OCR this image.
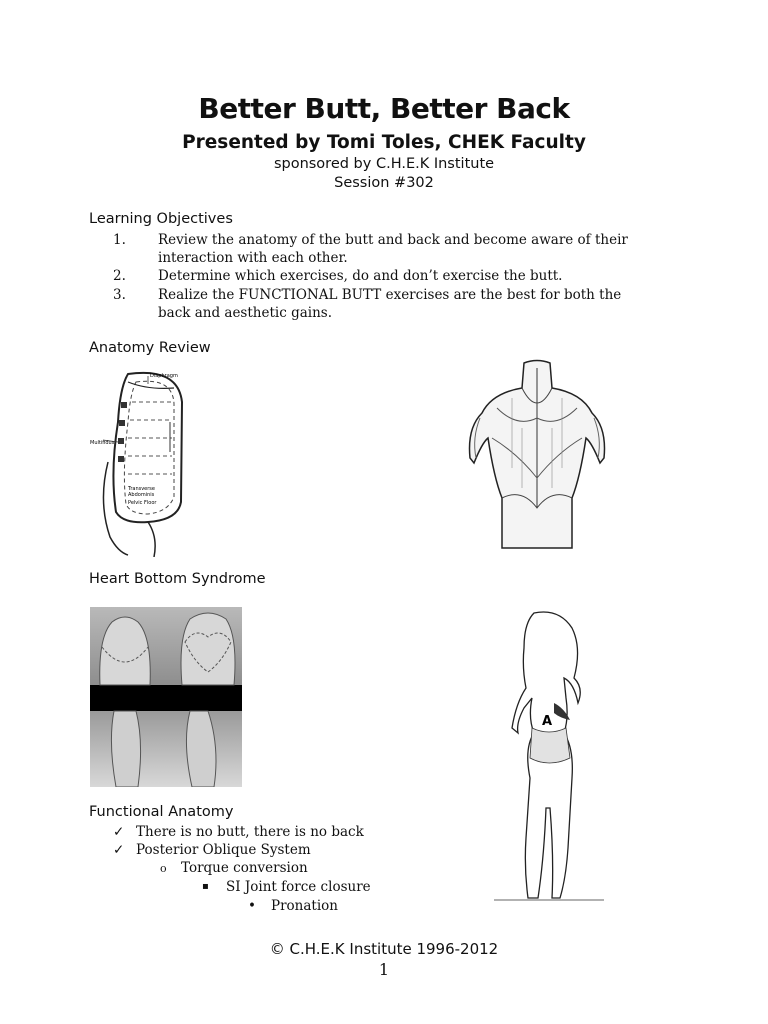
Better Butt, Better Back
Presented by Tomi Toles, CHEK Faculty
sponsored by C.H.E.K Institute
Session #302
Learning Objectives
1. Review the anatomy of the butt and back and become aware of their
interaction with each other.
2. Determine which exercises, do and don’t exercise the butt.
3. Realize the FUNCTIONAL BUTT exercises are the best for both the
back and aesthetic gains.
Anatomy Review
Diaphragm
Multifidus
Transverse
Abdominis
Pelvic Floor
Heart Bottom Syndrome
A
Functional Anatomy
✓ There is no butt, there is no back
✓ Posterior Oblique System
o Torque conversion
▪ SI Joint force closure
• Pronation
© C.H.E.K Institute 1996-2012
1
